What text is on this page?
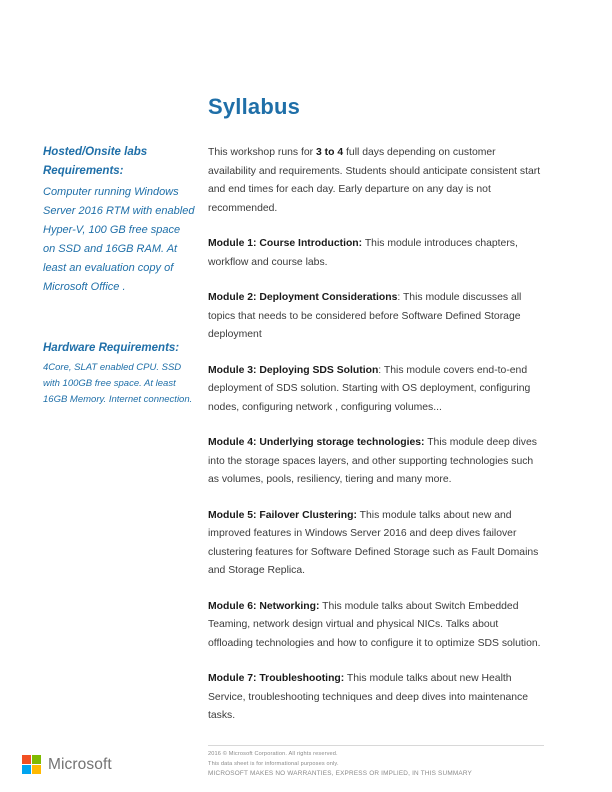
Syllabus

Hosted/Onsite labs Requirements:

Computer running Windows Server 2016 RTM with enabled Hyper-V, 100 GB free space on SSD and 16GB RAM. At least an evaluation copy of Microsoft Office .

Hardware Requirements:

4Core, SLAT enabled CPU. SSD with 100GB free space. At least 16GB Memory. Internet connection.

This workshop runs for 3 to 4 full days depending on customer availability and requirements. Students should anticipate consistent start and end times for each day. Early departure on any day is not recommended.

Module 1: Course Introduction: This module introduces chapters, workflow and course labs.

Module 2: Deployment Considerations: This module discusses all topics that needs to be considered before Software Defined Storage deployment

Module 3: Deploying SDS Solution: This module covers end-to-end deployment of SDS solution. Starting with OS deployment, configuring nodes, configuring network , configuring volumes...

Module 4: Underlying storage technologies: This module deep dives into the storage spaces layers, and other supporting technologies such as volumes, pools, resiliency, tiering and many more.

Module 5: Failover Clustering: This module talks about new and improved features in Windows Server 2016 and deep dives failover clustering features for Software Defined Storage such as Fault Domains and Storage Replica.

Module 6: Networking: This module talks about Switch Embedded Teaming, network design virtual and physical NICs. Talks about offloading technologies and how to configure it to optimize SDS solution.

Module 7: Troubleshooting: This module talks about new Health Service, troubleshooting techniques and deep dives into maintenance tasks.

2016 © Microsoft Corporation. All rights reserved.

This data sheet is for informational purposes only.

MICROSOFT MAKES NO WARRANTIES, EXPRESS OR IMPLIED, IN THIS SUMMARY

Microsoft
